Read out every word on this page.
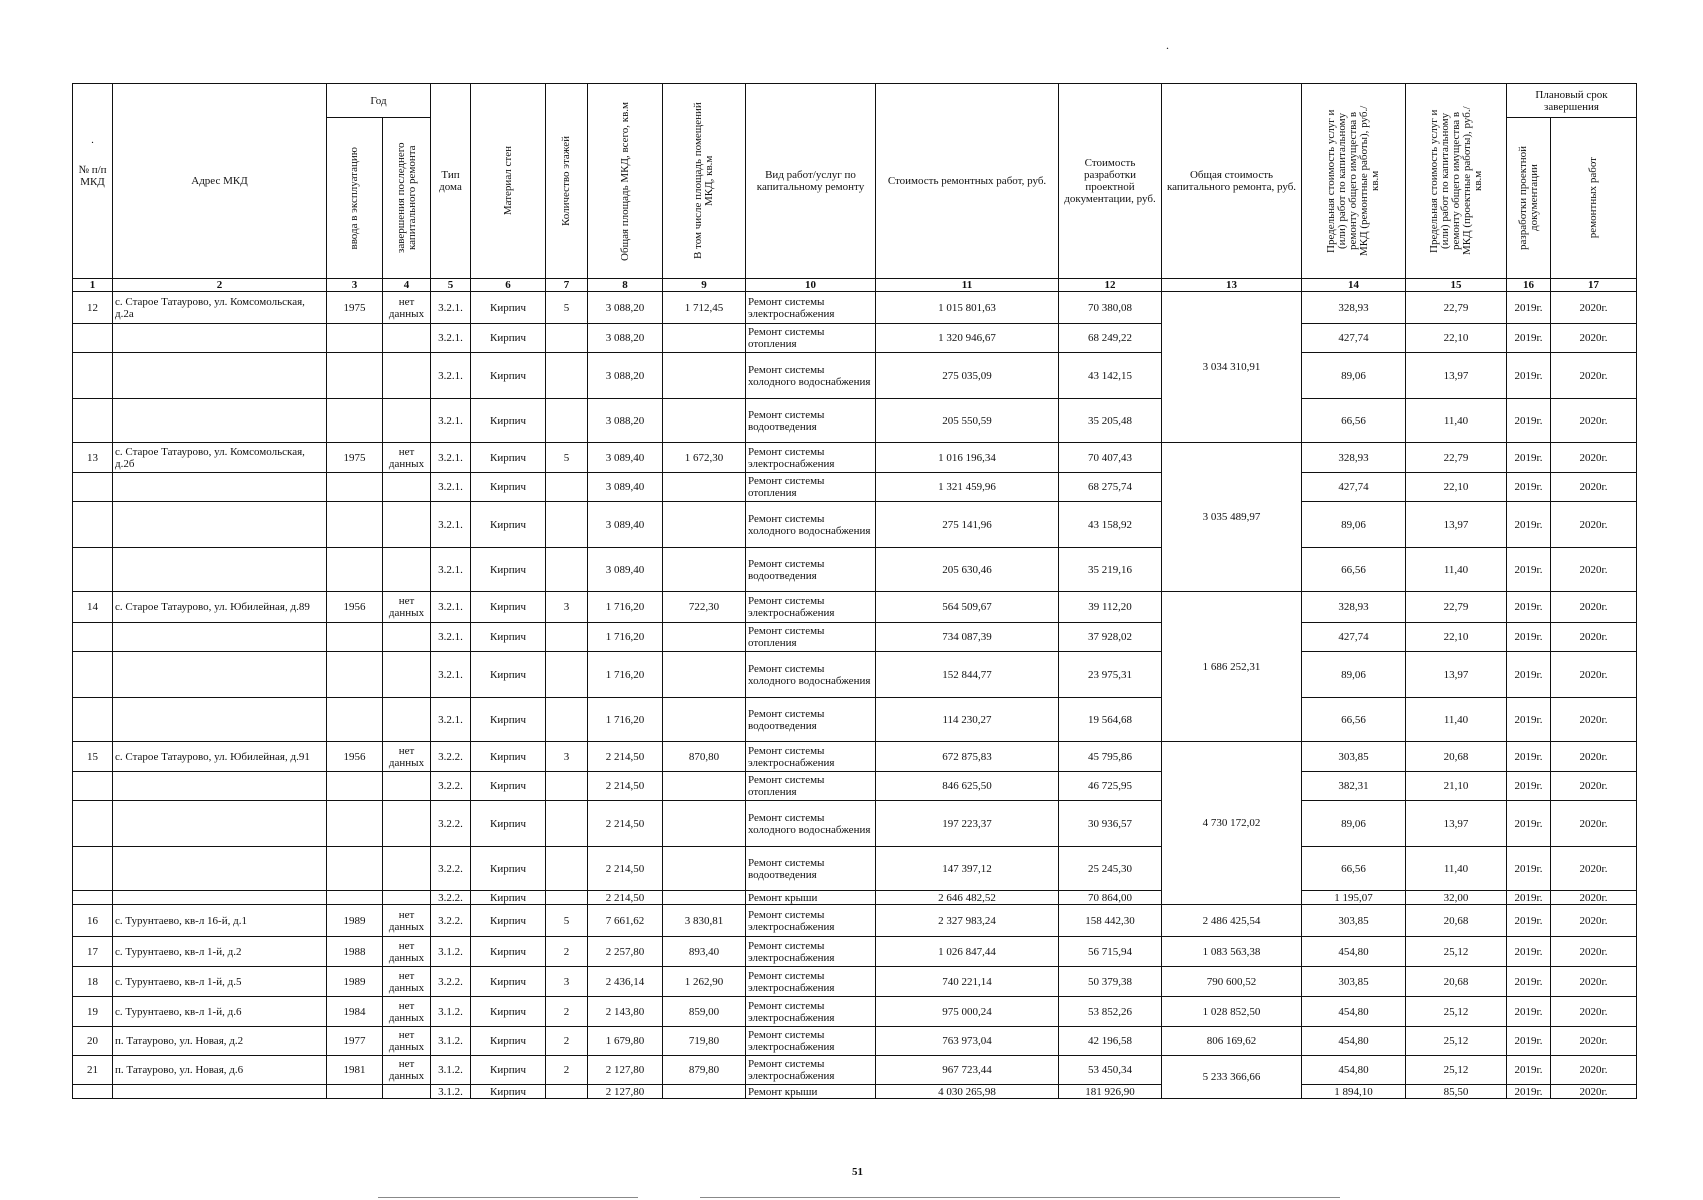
.
.
№ п/п МКД	Адрес МКД	Год		Тип дома	Материал стен	Количество этажей	Общая площадь МКД, всего, кв.м	В том числе площадь помещений МКД, кв.м	Вид работ/услуг по капитальному ремонту	Стоимость ремонтных работ, руб.	Стоимость разработки проектной документации, руб.	Общая стоимость капитального ремонта, руб.	Предельная стоимость услуг и (или) работ по капитальному ремонту общего имущества в МКД (ремонтные работы), руб./кв.м	Предельная стоимость услуг и (или) работ по капитальному ремонту общего имущества в МКД (проектные работы), руб./кв.м	Плановый срок завершения	

		ввода в эксплуатацию	завершения последнего капитального ремонта												разработки проектной документации	ремонтных работ

1	2	3	4	5	6	7	8	9	10	11	12	13	14	15	16	17
12	с. Старое Татаурово, ул. Комсомольская, д.2а	1975	нет данных	3.2.1.	Кирпич	5	3 088,20	1 712,45	Ремонт системы электроснабжения	1 015 801,63	70 380,08	3 034 310,91	328,93	22,79	2019г.	2020г.
				3.2.1.	Кирпич		3 088,20		Ремонт системы отопления	1 320 946,67	68 249,22		427,74	22,10	2019г.	2020г.
				3.2.1.	Кирпич		3 088,20		Ремонт системы холодного водоснабжения	275 035,09	43 142,15		89,06	13,97	2019г.	2020г.
				3.2.1.	Кирпич		3 088,20		Ремонт системы водоотведения	205 550,59	35 205,48		66,56	11,40	2019г.	2020г.
13	с. Старое Татаурово, ул. Комсомольская, д.2б	1975	нет данных	3.2.1.	Кирпич	5	3 089,40	1 672,30	Ремонт системы электроснабжения	1 016 196,34	70 407,43	3 035 489,97	328,93	22,79	2019г.	2020г.
				3.2.1.	Кирпич		3 089,40		Ремонт системы отопления	1 321 459,96	68 275,74		427,74	22,10	2019г.	2020г.
				3.2.1.	Кирпич		3 089,40		Ремонт системы холодного водоснабжения	275 141,96	43 158,92		89,06	13,97	2019г.	2020г.
				3.2.1.	Кирпич		3 089,40		Ремонт системы водоотведения	205 630,46	35 219,16		66,56	11,40	2019г.	2020г.
14	с. Старое Татаурово, ул. Юбилейная, д.89	1956	нет данных	3.2.1.	Кирпич	3	1 716,20	722,30	Ремонт системы электроснабжения	564 509,67	39 112,20	1 686 252,31	328,93	22,79	2019г.	2020г.
				3.2.1.	Кирпич		1 716,20		Ремонт системы отопления	734 087,39	37 928,02		427,74	22,10	2019г.	2020г.
				3.2.1.	Кирпич		1 716,20		Ремонт системы холодного водоснабжения	152 844,77	23 975,31		89,06	13,97	2019г.	2020г.
				3.2.1.	Кирпич		1 716,20		Ремонт системы водоотведения	114 230,27	19 564,68		66,56	11,40	2019г.	2020г.
15	с. Старое Татаурово, ул. Юбилейная, д.91	1956	нет данных	3.2.2.	Кирпич	3	2 214,50	870,80	Ремонт системы электроснабжения	672 875,83	45 795,86	4 730 172,02	303,85	20,68	2019г.	2020г.
				3.2.2.	Кирпич		2 214,50		Ремонт системы отопления	846 625,50	46 725,95		382,31	21,10	2019г.	2020г.
				3.2.2.	Кирпич		2 214,50		Ремонт системы холодного водоснабжения	197 223,37	30 936,57		89,06	13,97	2019г.	2020г.
				3.2.2.	Кирпич		2 214,50		Ремонт системы водоотведения	147 397,12	25 245,30		66,56	11,40	2019г.	2020г.
				3.2.2.	Кирпич		2 214,50		Ремонт крыши	2 646 482,52	70 864,00		1 195,07	32,00	2019г.	2020г.
16	с. Турунтаево, кв-л 16-й, д.1	1989	нет данных	3.2.2.	Кирпич	5	7 661,62	3 830,81	Ремонт системы электроснабжения	2 327 983,24	158 442,30	2 486 425,54	303,85	20,68	2019г.	2020г.
17	с. Турунтаево, кв-л 1-й, д.2	1988	нет данных	3.1.2.	Кирпич	2	2 257,80	893,40	Ремонт системы электроснабжения	1 026 847,44	56 715,94	1 083 563,38	454,80	25,12	2019г.	2020г.
18	с. Турунтаево, кв-л 1-й, д.5	1989	нет данных	3.2.2.	Кирпич	3	2 436,14	1 262,90	Ремонт системы электроснабжения	740 221,14	50 379,38	790 600,52	303,85	20,68	2019г.	2020г.
19	с. Турунтаево, кв-л 1-й, д.6	1984	нет данных	3.1.2.	Кирпич	2	2 143,80	859,00	Ремонт системы электроснабжения	975 000,24	53 852,26	1 028 852,50	454,80	25,12	2019г.	2020г.
20	п. Татаурово, ул. Новая, д.2	1977	нет данных	3.1.2.	Кирпич	2	1 679,80	719,80	Ремонт системы электроснабжения	763 973,04	42 196,58	806 169,62	454,80	25,12	2019г.	2020г.
21	п. Татаурово, ул. Новая, д.6	1981	нет данных	3.1.2.	Кирпич	2	2 127,80	879,80	Ремонт системы электроснабжения	967 723,44	53 450,34	5 233 366,66	454,80	25,12	2019г.	2020г.
				3.1.2.	Кирпич		2 127,80		Ремонт крыши	4 030 265,98	181 926,90		1 894,10	85,50	2019г.	2020г.
51
